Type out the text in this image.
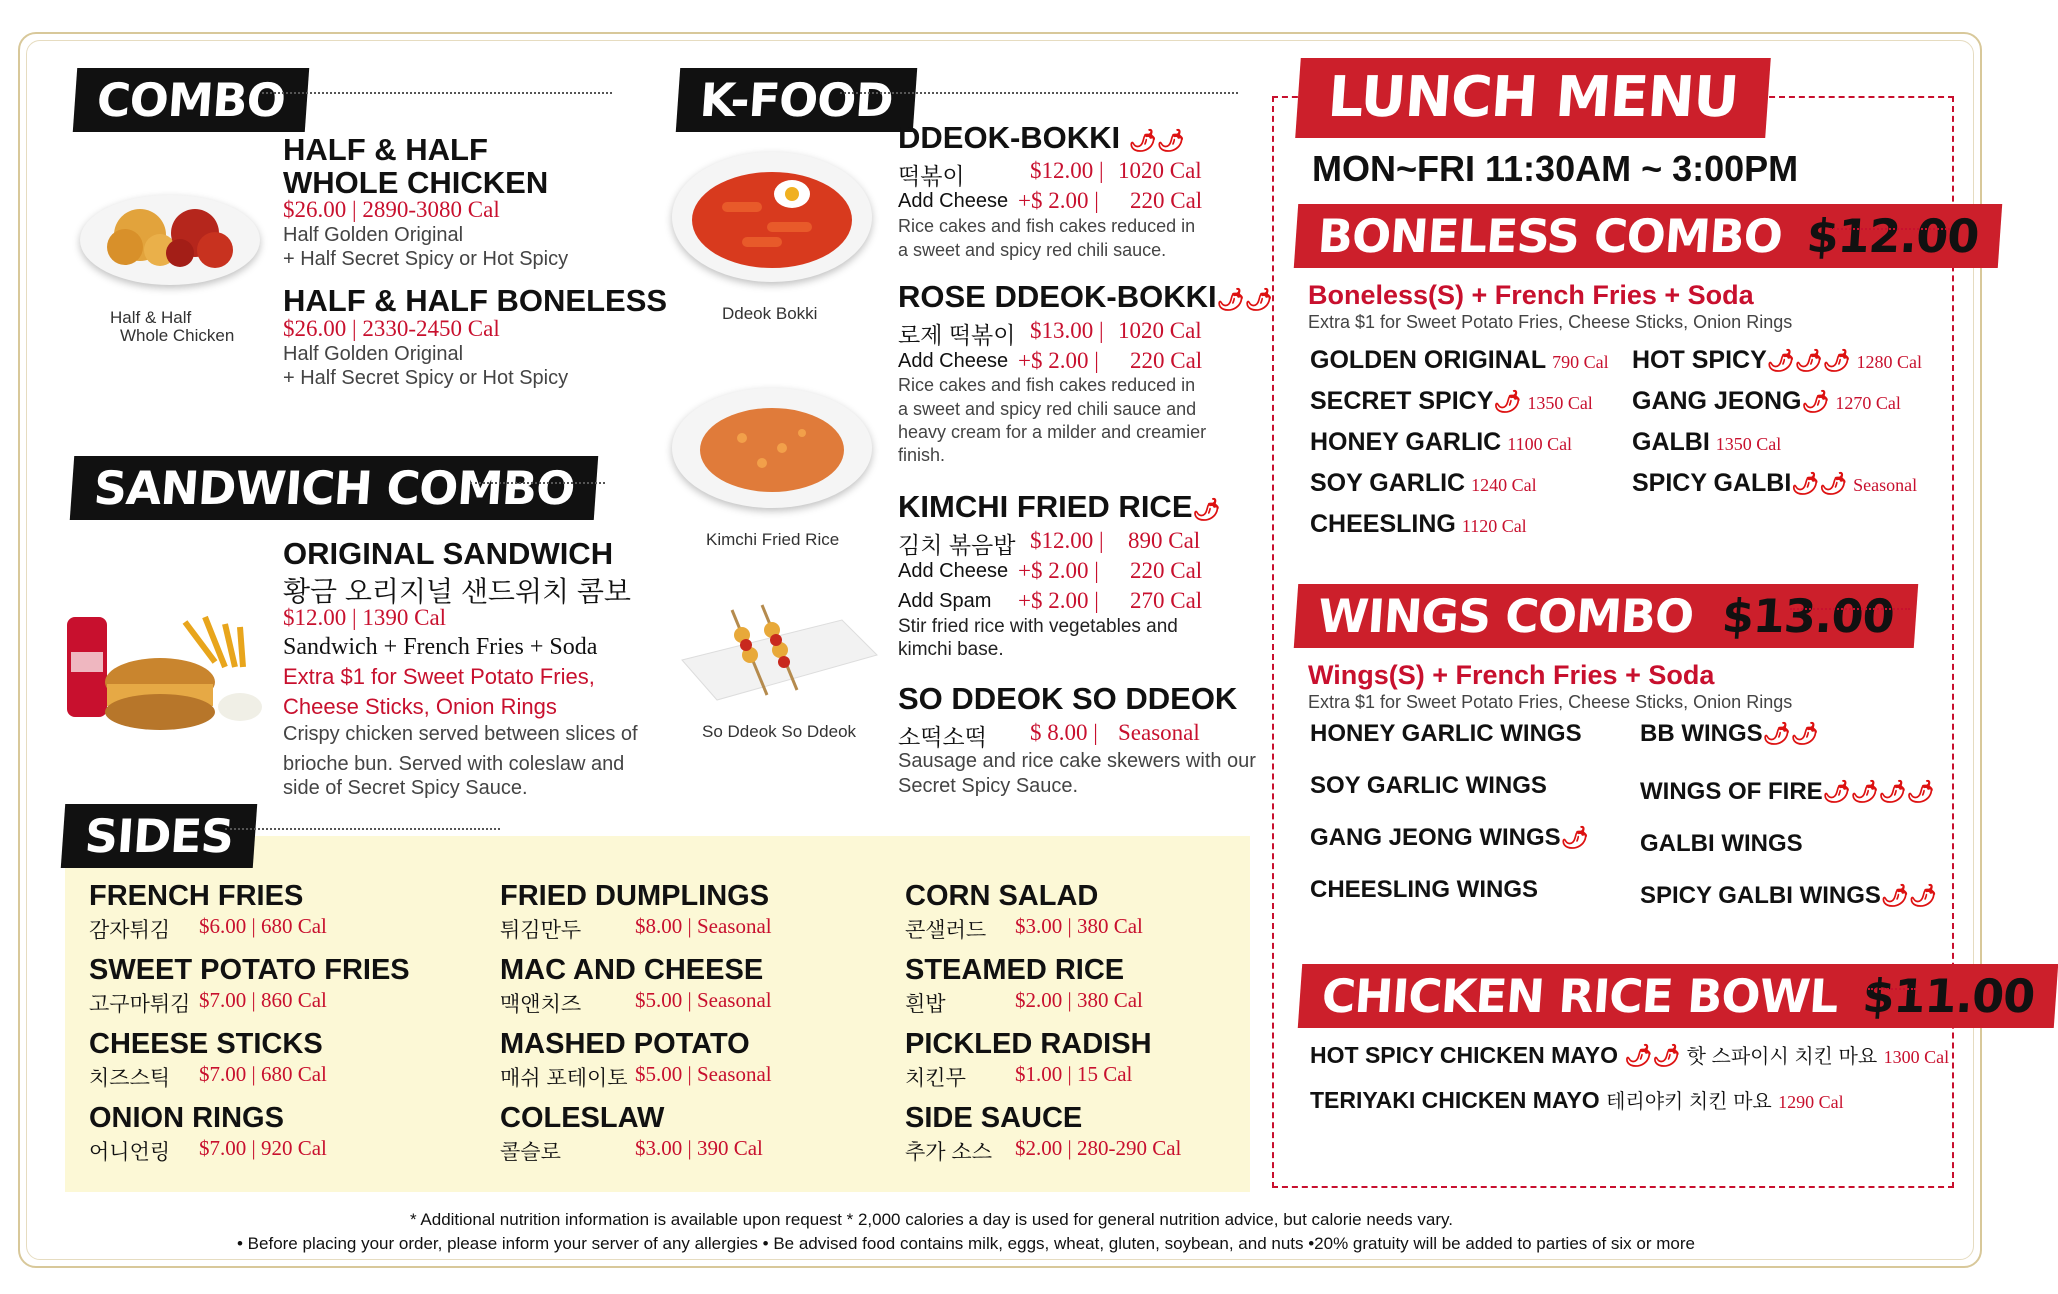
COMBO
Half & Half
Whole Chicken
HALF & HALF
WHOLE CHICKEN
$26.00 | 2890-3080 Cal
Half Golden Original
+ Half Secret Spicy or Hot Spicy
HALF & HALF BONELESS
$26.00 | 2330-2450 Cal
Half Golden Original
+ Half Secret Spicy or Hot Spicy
SANDWICH COMBO
ORIGINAL SANDWICH
황금 오리지널 샌드위치 콤보
$12.00 | 1390 Cal
Sandwich + French Fries + Soda
Extra $1 for Sweet Potato Fries,
Cheese Sticks, Onion Rings
Crispy chicken served between slices of
brioche bun. Served with coleslaw and
side of Secret Spicy Sauce.
K-FOOD
Ddeok Bokki
Kimchi Fried Rice
So Ddeok So Ddeok
DDEOK-BOKKI 🌶🌶
떡볶이	$12.00 | 1020 Cal
Add Cheese +$ 2.00 | 220 Cal
Rice cakes and fish cakes reduced in
a sweet and spicy red chili sauce.
ROSE DDEOK-BOKKI🌶🌶
로제 떡볶이 $13.00 | 1020 Cal
Add Cheese +$ 2.00 | 220 Cal
Rice cakes and fish cakes reduced in
a sweet and spicy red chili sauce and
heavy cream for a milder and creamier
finish.
KIMCHI FRIED RICE🌶
김치 볶음밥 $12.00 | 890 Cal
Add Cheese +$ 2.00 | 220 Cal
Add Spam +$ 2.00 | 270 Cal
Stir fried rice with vegetables and
kimchi base.
SO DDEOK SO DDEOK
소떡소떡 $ 8.00 | Seasonal
Sausage and rice cake skewers with our
Secret Spicy Sauce.
SIDES
LUNCH MENU
MON~FRI 11:30AM ~ 3:00PM
BONELESS COMBO $12.00
Boneless(S) + French Fries + Soda
Extra $1 for Sweet Potato Fries, Cheese Sticks, Onion Rings
WINGS COMBO $13.00
Wings(S) + French Fries + Soda
Extra $1 for Sweet Potato Fries, Cheese Sticks, Onion Rings
CHICKEN RICE BOWL $11.00
HOT SPICY CHICKEN MAYO 🌶🌶 핫 스파이시 치킨 마요 1300 Cal
TERIYAKI CHICKEN MAYO 테리야키 치킨 마요 1290 Cal
* Additional nutrition information is available upon request * 2,000 calories a day is used for general nutrition advice, but calorie needs vary.
• Before placing your order, please inform your server of any allergies • Be advised food contains milk, eggs, wheat, gluten, soybean, and nuts •20% gratuity will be added to parties of six or more
FRENCH FRIES
감자튀김 $6.00 | 680 Cal
SWEET POTATO FRIES
고구마튀김 $7.00 | 860 Cal
CHEESE STICKS
치즈스틱 $7.00 | 680 Cal
ONION RINGS
어니언링 $7.00 | 920 Cal
FRIED DUMPLINGS
튀김만두	$8.00 | Seasonal
MAC AND CHEESE
맥앤치즈	$5.00 | Seasonal
MASHED POTATO
매쉬 포테이토 $5.00 | Seasonal
COLESLAW
콜슬로	$3.00 | 390 Cal
CORN SALAD
콘샐러드 $3.00 | 380 Cal
STEAMED RICE
흰밥	$2.00 | 380 Cal
PICKLED RADISH
치킨무 $1.00 | 15 Cal
SIDE SAUCE
추가 소스 $2.00 | 280-290 Cal
GOLDEN ORIGINAL 790 Cal
SECRET SPICY🌶 1350 Cal
HONEY GARLIC 1100 Cal
SOY GARLIC 1240 Cal
CHEESLING 1120 Cal
HOT SPICY🌶🌶🌶 1280 Cal
GANG JEONG🌶 1270 Cal
GALBI 1350 Cal
SPICY GALBI🌶🌶 Seasonal
HONEY GARLIC WINGS
SOY GARLIC WINGS
GANG JEONG WINGS🌶
CHEESLING WINGS
BB WINGS🌶🌶
WINGS OF FIRE🌶🌶🌶🌶
GALBI WINGS
SPICY GALBI WINGS🌶🌶
